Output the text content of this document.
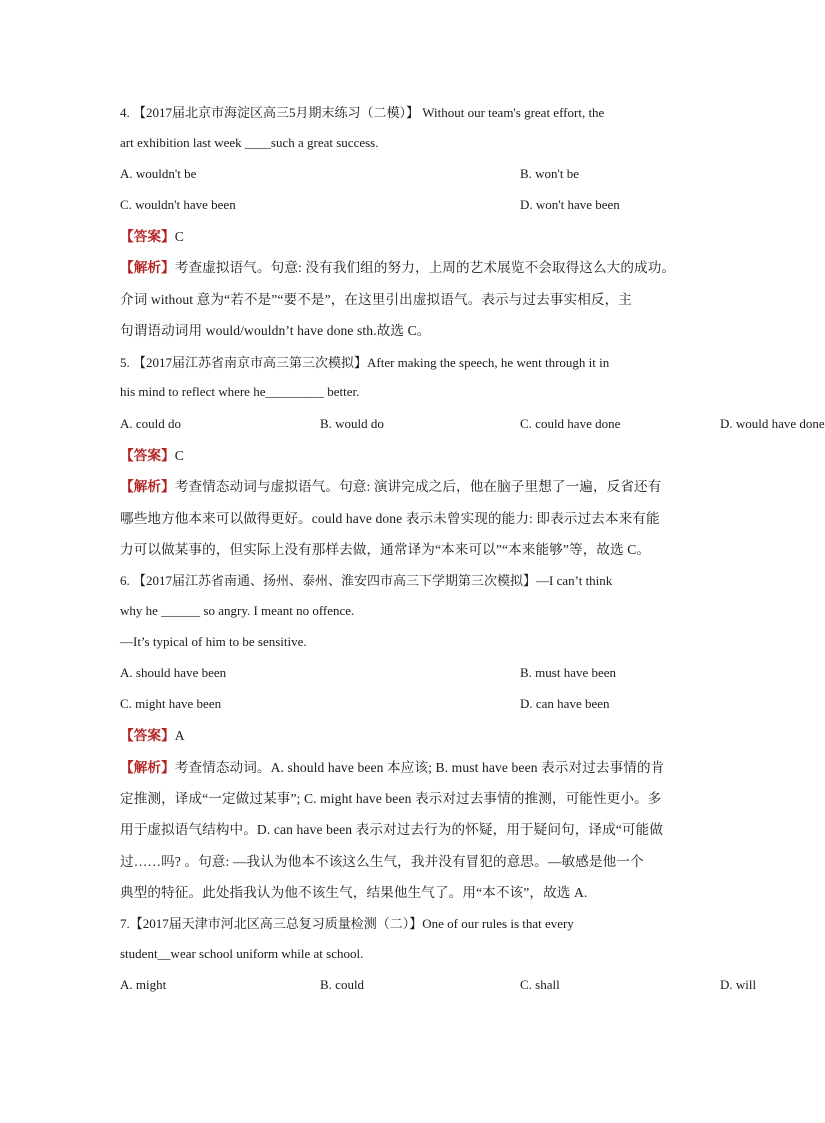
4. 【2017届北京市海淀区高三5月期末练习（二模）】 Without our team's great effort, the
art exhibition last week ____such a great success.
A. wouldn't be	B. won't be
C. wouldn't have been	D. won't have been
【答案】C
【解析】考查虚拟语气。句意: 没有我们组的努力，上周的艺术展览不会取得这么大的成功。
介词 without 意为“若不是”“要不是”，在这里引出虚拟语气。表示与过去事实相反，主
句谓语动词用 would/wouldn’t have done sth.故选 C。
5. 【2017届江苏省南京市高三第三次模拟】After making the speech, he went through it in
his mind to reflect where he_________ better.
A. could do	B. would do	C. could have done	D. would have done
【答案】C
【解析】考查情态动词与虚拟语气。句意: 演讲完成之后，他在脑子里想了一遍，反省还有
哪些地方他本来可以做得更好。could have done 表示未曾实现的能力: 即表示过去本来有能
力可以做某事的，但实际上没有那样去做，通常译为“本来可以”“本来能够”等，故选 C。
6. 【2017届江苏省南通、扬州、泰州、淮安四市高三下学期第三次模拟】—I can’t think
why he ______ so angry. I meant no offence.
—It’s typical of him to be sensitive.
A. should have been	B. must have been
C. might have been	D. can have been
【答案】A
【解析】考查情态动词。A. should have been 本应该; B. must have been 表示对过去事情的肯
定推测，译成“一定做过某事”; C. might have been 表示对过去事情的推测，可能性更小。多
用于虚拟语气结构中。D. can have been 表示对过去行为的怀疑，用于疑问句，译成“可能做
过……吗? 。句意: —我认为他本不该这么生气，我并没有冒犯的意思。—敏感是他一个
典型的特征。此处指我认为他不该生气，结果他生气了。用“本不该”，故选 A.
7.【2017届天津市河北区高三总复习质量检测（二）】One of our rules is that every
student__wear school uniform while at school.
A. might	B. could	C. shall	D. will
